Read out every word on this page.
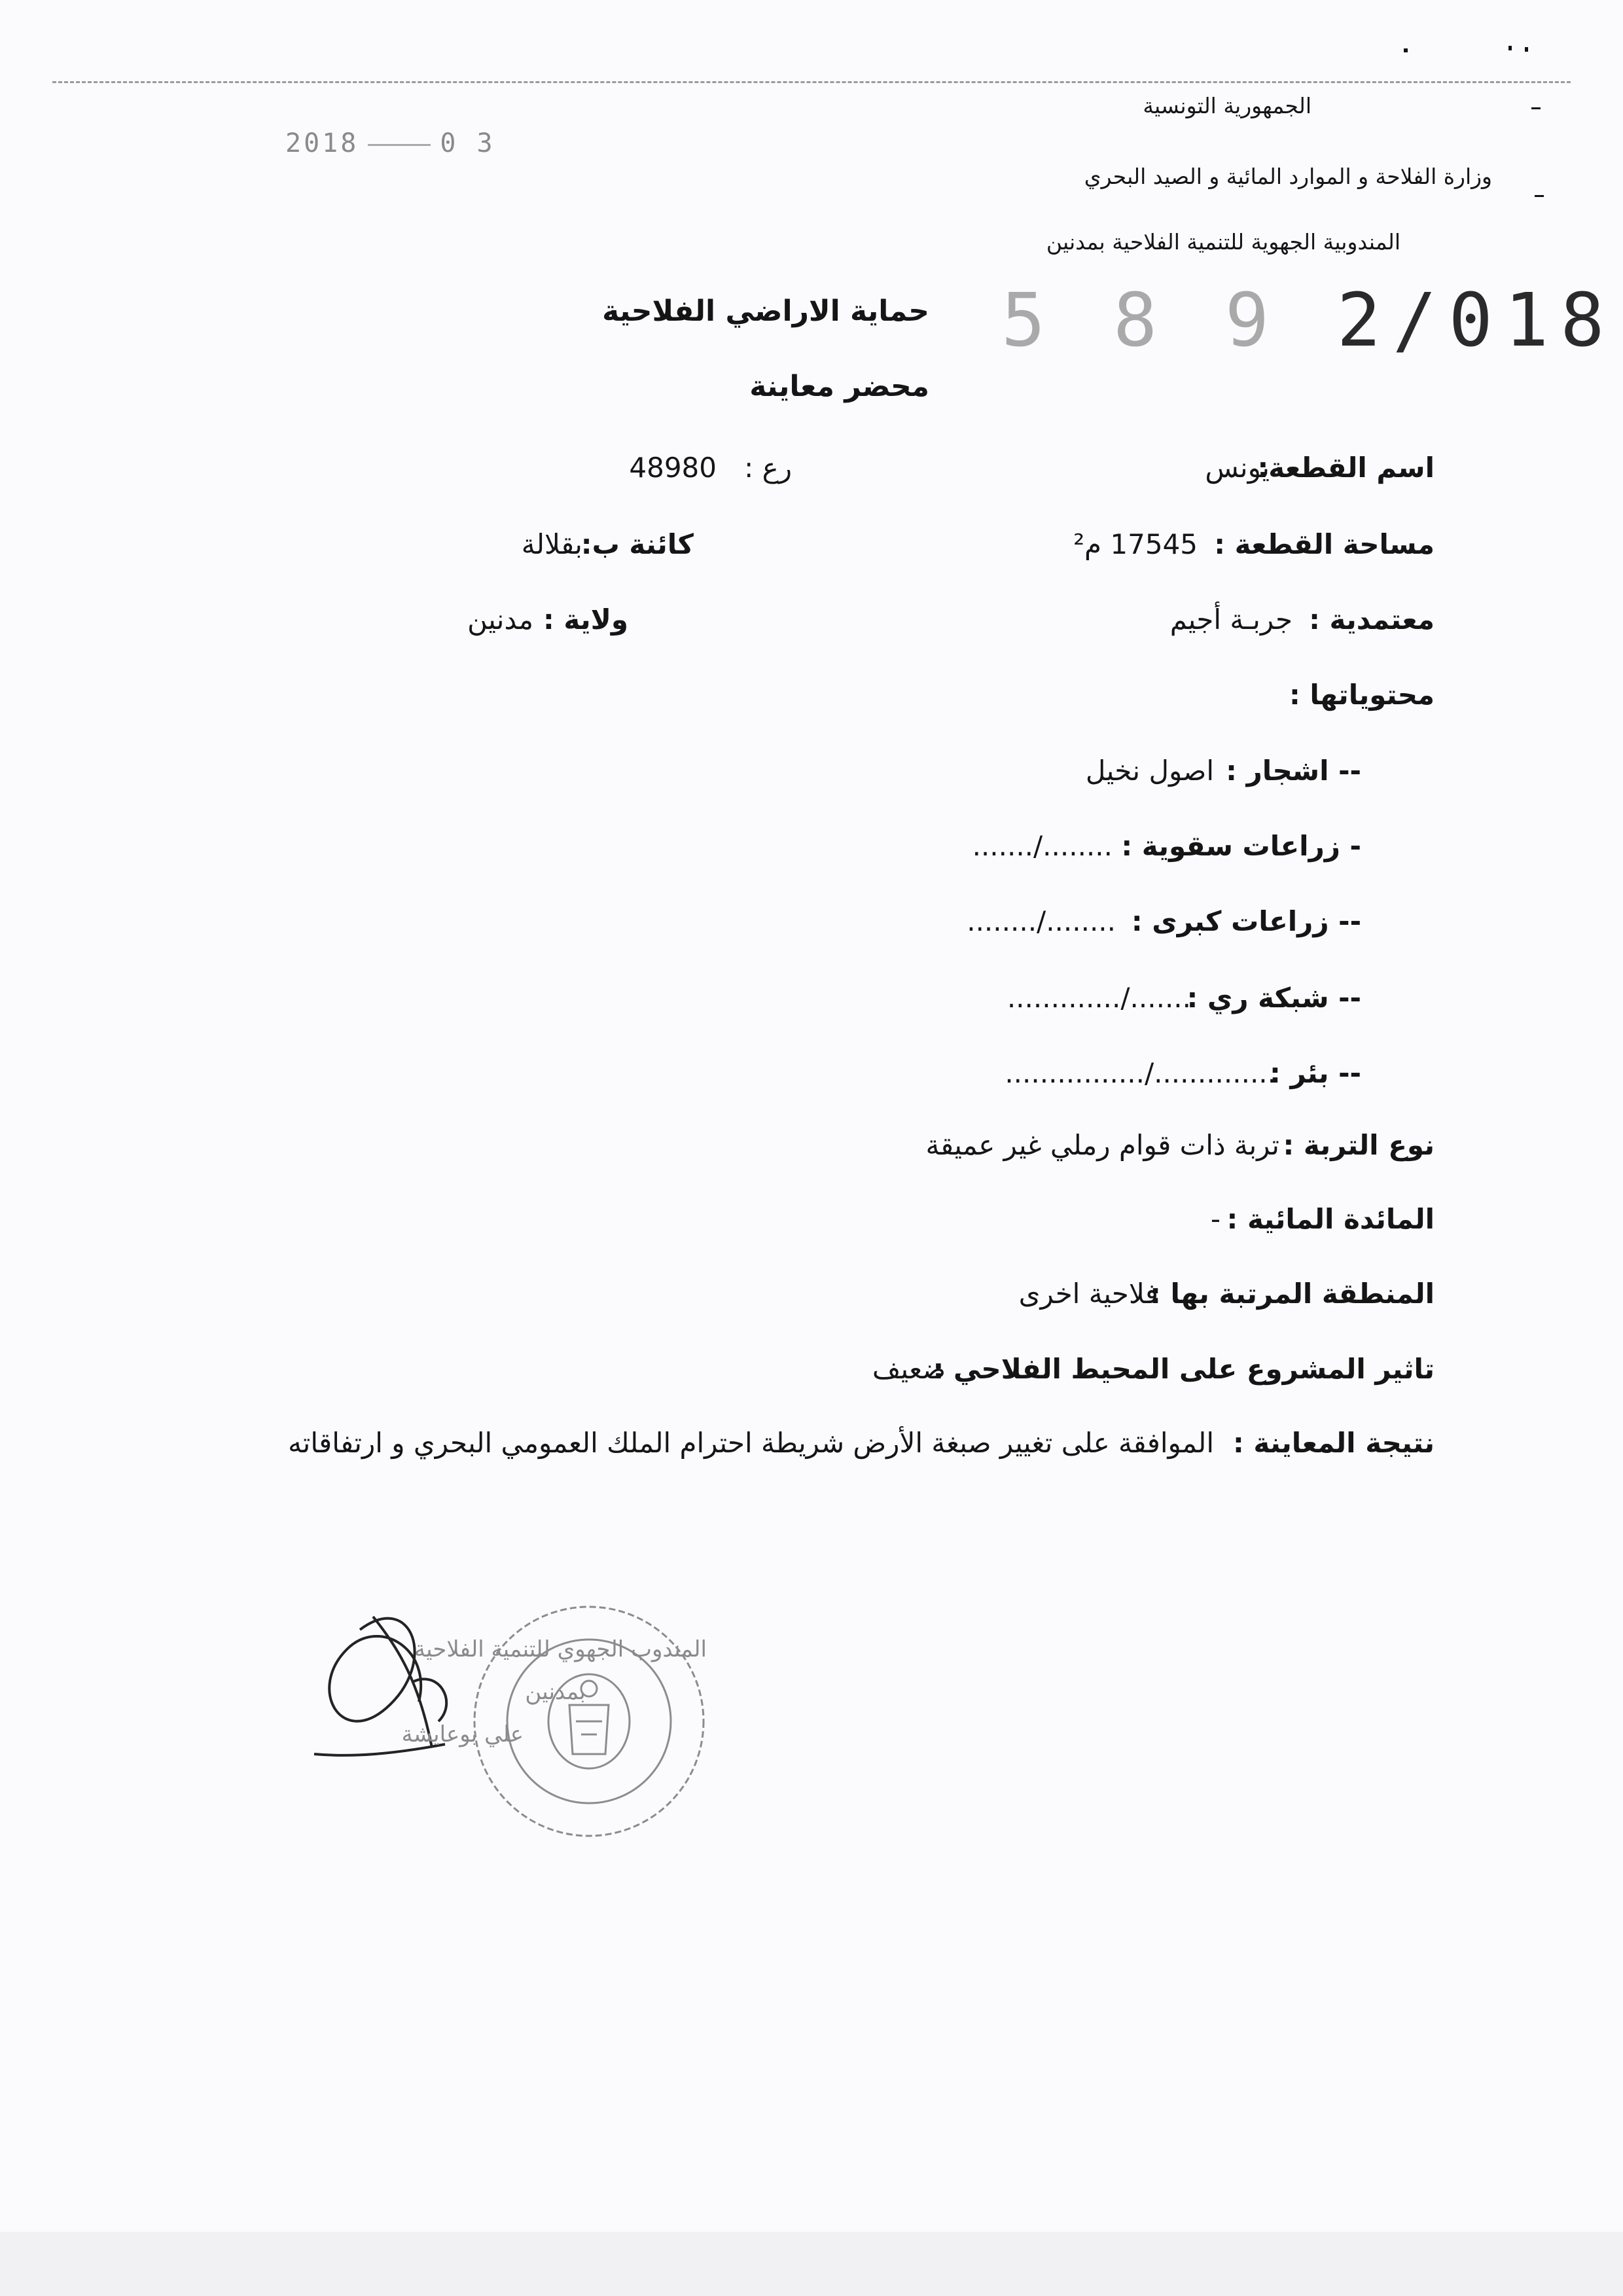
الجمهورية التونسية
وزارة الفلاحة و الموارد المائية و الصيد البحري
المندوبية الجهوية للتنمية الفلاحية بمدنين
2018	0 3
5 8 9 2/018
حماية الاراضي الفلاحية
محضر معاينة
اسم القطعة:
يونس
رع :
48980
مساحة القطعة :
17545 م²
كائنة ب:
بقلالة
معتمدية :
جربـة أجيم
ولاية :
مدنين
محتوياتها :
-- اشجار :
اصول نخيل
- زراعات سقوية :
......./........
-- زراعات كبرى :
......../........
-- شبكة ري :
............./.......
-- بئر :
................/..............
نوع التربة :
تربة ذات قوام رملي غير عميقة
المائدة المائية :
-
المنطقة المرتبة بها :
فلاحية اخرى
تاثير المشروع على المحيط الفلاحي :
ضعيف
نتيجة المعاينة :
الموافقة على تغيير صبغة الأرض شريطة احترام الملك العمومي البحري و ارتفاقاته
المندوب الجهوي للتنمية الفلاحية
بمدنين
علي بوعايشة
